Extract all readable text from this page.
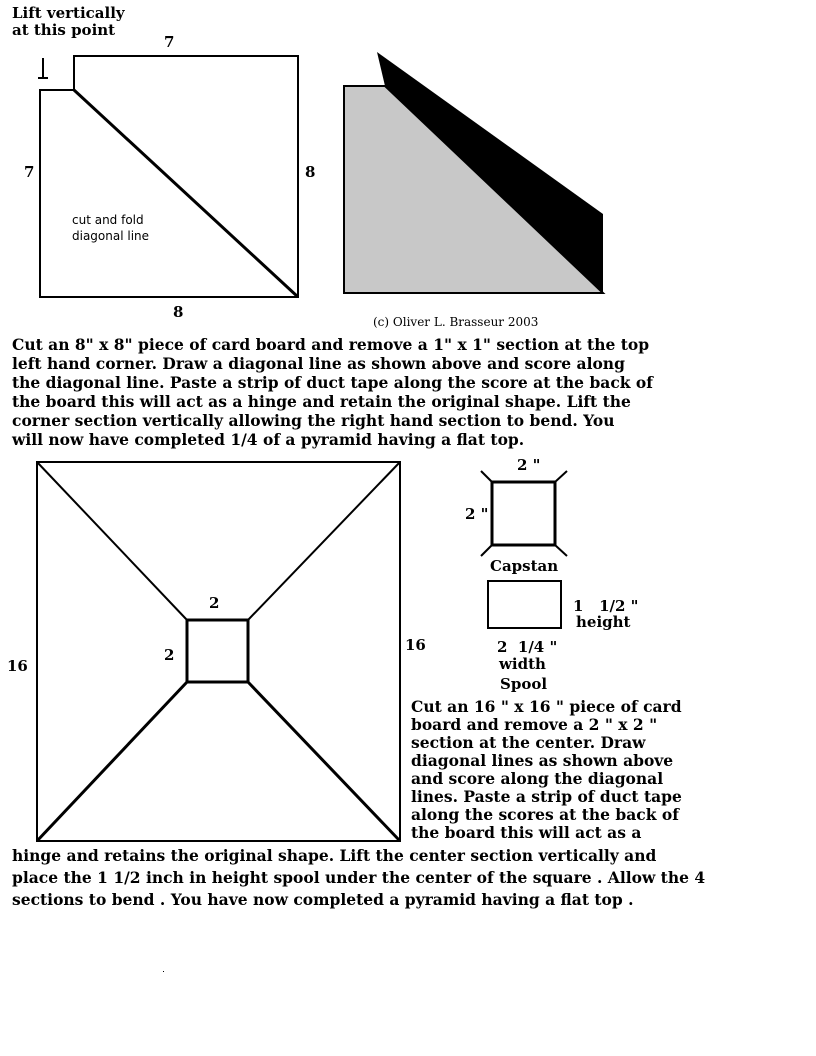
Lift vertically
at this point
7
7	8
8
cut and fold
diagonal line
(c) Oliver L. Brasseur 2003
Cut an 8" x 8" piece of card board and remove a 1" x 1" section at the top
left hand corner. Draw a diagonal line as shown above and score along
the diagonal line. Paste a strip of duct tape along the score at the back of
the board this will act as a hinge and retain the original shape. Lift the
corner section vertically allowing the right hand section to bend. You
will now have completed 1/4 of a pyramid having a flat top.
16
16
2
2
2 "
2 "
Capstan
1   1/2 "
height
2  1/4 "
width
Spool
Cut an 16 " x 16 " piece of card
board and remove a 2 " x 2 "
section at the center. Draw
diagonal lines as shown above
and score along the diagonal
lines. Paste a strip of duct tape
along the scores at the back of
the board this will act as a
hinge and retains the original shape. Lift the center section vertically and
place the 1 1/2 inch in height spool under the center of the square . Allow the 4
sections to bend . You have now completed a pyramid having a flat top .
